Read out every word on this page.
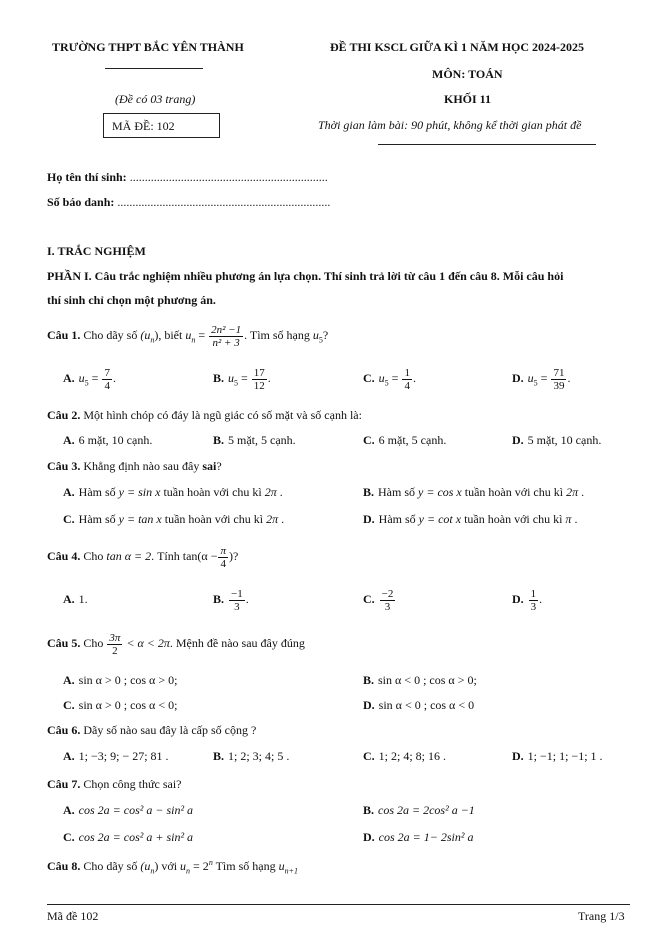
TRƯỜNG THPT BẮC YÊN THÀNH	ĐỀ THI KSCL GIỮA KÌ 1 NĂM HỌC 2024-2025
MÔN: TOÁN
(Đề có 03 trang)	KHỐI 11
MÃ ĐỀ: 102	Thời gian làm bài: 90 phút, không kể thời gian phát đề
Họ tên thí sinh: ..................................................................
Số báo danh: .......................................................................
I. TRẮC NGHIỆM
PHẦN I. Câu trắc nghiệm nhiều phương án lựa chọn. Thí sinh trả lời từ câu 1 đến câu 8. Mỗi câu hỏi
thí sinh chỉ chọn một phương án.
Câu 1. Cho dãy số $(u_n)$, biết $u_n = \frac{\text{2n² −1}}{\text{n² + 3}}$ . Tìm số hạng $u_5$?
A. $u_5 = \frac{7}{4}$ .	B. $u_5 = \frac{17}{12}$ .	C. $u_5 = \frac{1}{4}$ .	D. $u_5 = \frac{71}{39}$ .
Câu 2. Một hình chóp có đáy là ngũ giác có số mặt và số cạnh là:
A. 6 mặt, 10 cạnh.	B. 5 mặt, 5 cạnh.	C. 6 mặt, 5 cạnh.	D. 5 mặt, 10 cạnh.
Câu 3. Khẳng định nào sau đây sai?
A. Hàm số y = sin x tuần hoàn với chu kì 2π .	B. Hàm số y = cos x tuần hoàn với chu kì 2π .
C. Hàm số y = tan x tuần hoàn với chu kì 2π .	D. Hàm số y = cot x tuần hoàn với chu kì π .
Câu 4. Cho tan α = 2. Tính $\tan(\alpha - \frac{\pi}{4}$ )?
A. 1.	B. $\frac{-1}{3}$ .	C. $\frac{-2}{3}$	D. $\frac{1}{3}$ .
Câu 5. Cho $\frac{3\pi}{2} < \alpha < 2\pi$. Mệnh đề nào sau đây đúng
A. sin α > 0 ; cos α > 0;	B. sin α < 0 ; cos α > 0;
C. sin α > 0 ; cos α < 0;	D. sin α < 0 ; cos α < 0
Câu 6. Dãy số nào sau đây là cấp số cộng ?
A. 1; −3; 9; − 27; 81 .	B. 1; 2; 3; 4; 5 .	C. 1; 2; 4; 8; 16 .	D. 1; −1; 1; −1; 1 .
Câu 7. Chọn công thức sai?
A. cos 2a = cos² a − sin² a	B. cos 2a = 2cos² a −1
C. cos 2a = cos² a + sin² a	D. cos 2a = 1− 2sin² a
Câu 8. Cho dãy số $(u_n)$ với $u_n = 2^n$ Tìm số hạng $u_{n+1}$
Mã đề 102	Trang 1/3
